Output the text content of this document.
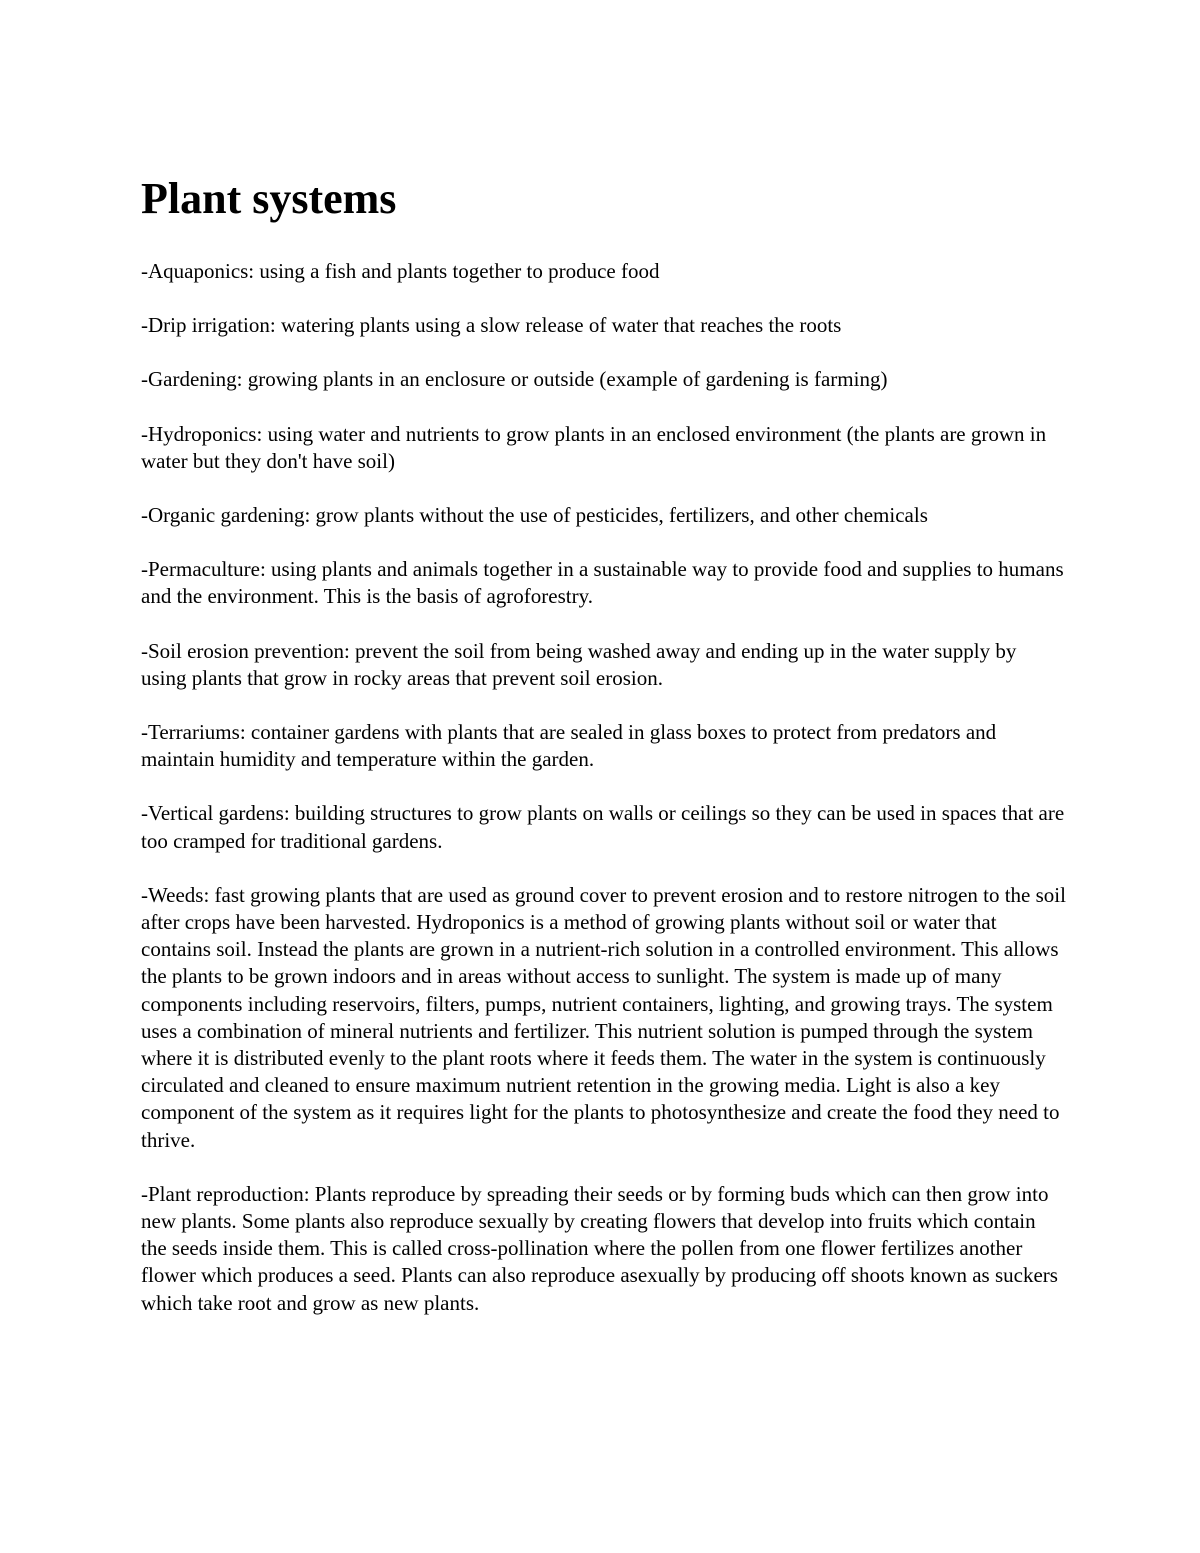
Plant systems

-Aquaponics: using a fish and plants together to produce food

-Drip irrigation: watering plants using a slow release of water that reaches the roots

-Gardening: growing plants in an enclosure or outside (example of gardening is farming)

-Hydroponics: using water and nutrients to grow plants in an enclosed environment (the plants are grown in water but they don't have soil)

-Organic gardening: grow plants without the use of pesticides, fertilizers, and other chemicals

-Permaculture: using plants and animals together in a sustainable way to provide food and supplies to humans and the environment. This is the basis of agroforestry.

-Soil erosion prevention: prevent the soil from being washed away and ending up in the water supply by using plants that grow in rocky areas that prevent soil erosion.

-Terrariums: container gardens with plants that are sealed in glass boxes to protect from predators and maintain humidity and temperature within the garden.

-Vertical gardens: building structures to grow plants on walls or ceilings so they can be used in spaces that are too cramped for traditional gardens.

-Weeds: fast growing plants that are used as ground cover to prevent erosion and to restore nitrogen to the soil after crops have been harvested. Hydroponics is a method of growing plants without soil or water that contains soil. Instead the plants are grown in a nutrient-rich solution in a controlled environment. This allows the plants to be grown indoors and in areas without access to sunlight. The system is made up of many components including reservoirs, filters, pumps, nutrient containers, lighting, and growing trays. The system uses a combination of mineral nutrients and fertilizer. This nutrient solution is pumped through the system where it is distributed evenly to the plant roots where it feeds them. The water in the system is continuously circulated and cleaned to ensure maximum nutrient retention in the growing media. Light is also a key component of the system as it requires light for the plants to photosynthesize and create the food they need to thrive.

-Plant reproduction: Plants reproduce by spreading their seeds or by forming buds which can then grow into new plants. Some plants also reproduce sexually by creating flowers that develop into fruits which contain the seeds inside them. This is called cross-pollination where the pollen from one flower fertilizes another flower which produces a seed. Plants can also reproduce asexually by producing off shoots known as suckers which take root and grow as new plants.
